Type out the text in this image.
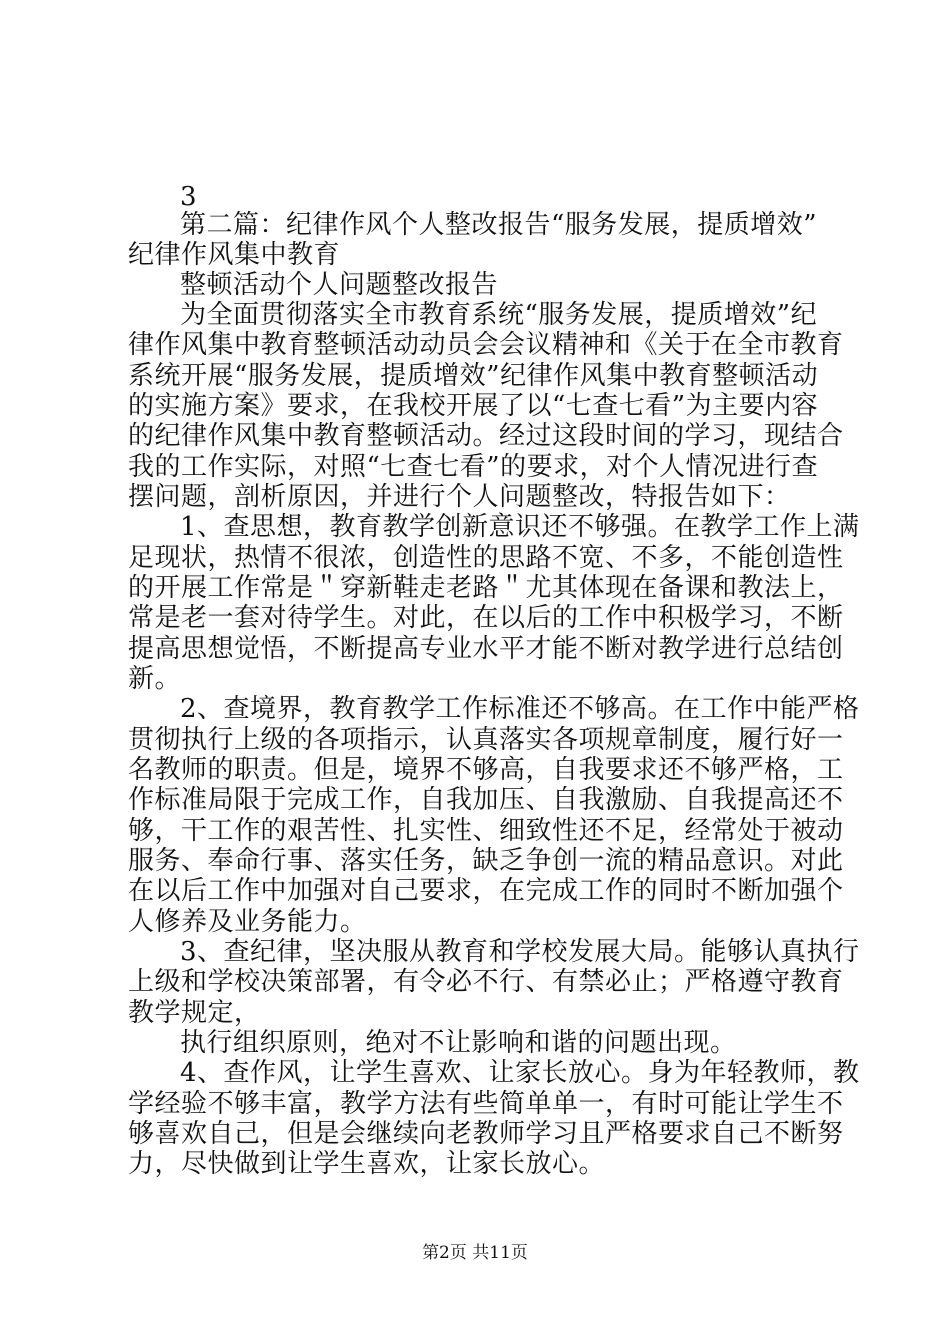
3
第二篇：纪律作风个人整改报告“服务发展，提质增效”
纪律作风集中教育
整顿活动个人问题整改报告
为全面贯彻落实全市教育系统“服务发展，提质增效”纪
律作风集中教育整顿活动动员会会议精神和《关于在全市教育
系统开展“服务发展，提质增效”纪律作风集中教育整顿活动
的实施方案》要求，在我校开展了以“七查七看”为主要内容
的纪律作风集中教育整顿活动。经过这段时间的学习，现结合
我的工作实际，对照“七查七看”的要求，对个人情况进行查
摆问题，剖析原因，并进行个人问题整改，特报告如下：
1、查思想，教育教学创新意识还不够强。在教学工作上满
足现状，热情不很浓，创造性的思路不宽、不多，不能创造性
的开展工作常是＂穿新鞋走老路＂尤其体现在备课和教法上，
常是老一套对待学生。对此，在以后的工作中积极学习，不断
提高思想觉悟，不断提高专业水平才能不断对教学进行总结创
新。
2、查境界，教育教学工作标准还不够高。在工作中能严格
贯彻执行上级的各项指示，认真落实各项规章制度，履行好一
名教师的职责。但是，境界不够高，自我要求还不够严格，工
作标准局限于完成工作，自我加压、自我激励、自我提高还不
够，干工作的艰苦性、扎实性、细致性还不足，经常处于被动
服务、奉命行事、落实任务，缺乏争创一流的精品意识。对此
在以后工作中加强对自己要求，在完成工作的同时不断加强个
人修养及业务能力。
3、查纪律，坚决服从教育和学校发展大局。能够认真执行
上级和学校决策部署，有令必不行、有禁必止；严格遵守教育
教学规定，
执行组织原则，绝对不让影响和谐的问题出现。
4、查作风，让学生喜欢、让家长放心。身为年轻教师，教
学经验不够丰富，教学方法有些简单单一，有时可能让学生不
够喜欢自己，但是会继续向老教师学习且严格要求自己不断努
力，尽快做到让学生喜欢，让家长放心。
第2页 共11页
